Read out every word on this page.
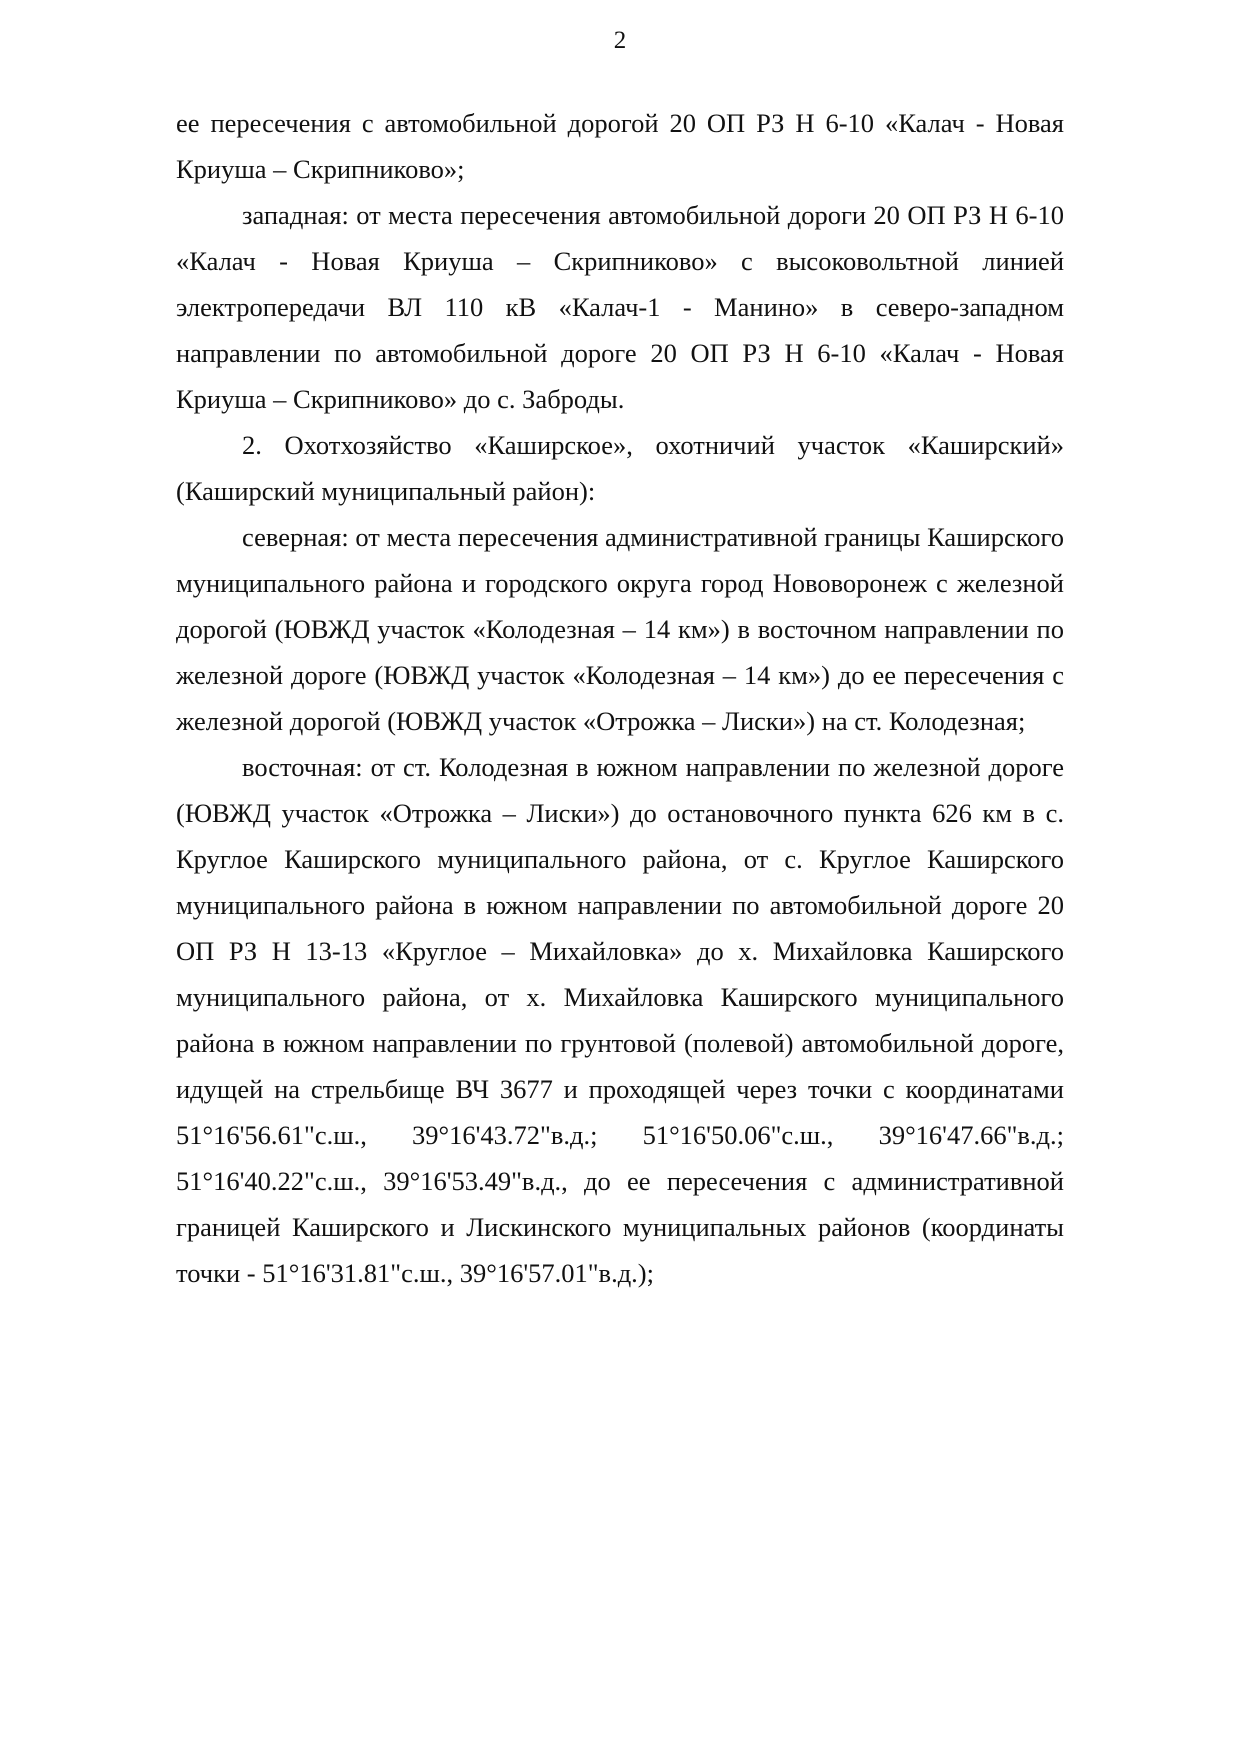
2

ее пересечения с автомобильной дорогой 20 ОП РЗ Н 6-10 «Калач - Новая Криуша – Скрипниково»;

западная: от места пересечения автомобильной дороги 20 ОП РЗ Н 6-10 «Калач - Новая Криуша – Скрипниково» с высоковольтной линией электропередачи ВЛ 110 кВ «Калач-1 - Манино» в северо-западном направлении по автомобильной дороге 20 ОП РЗ Н 6-10 «Калач - Новая Криуша – Скрипниково» до с. Заброды.

2. Охотхозяйство «Каширское», охотничий участок «Каширский» (Каширский муниципальный район):

северная: от места пересечения административной границы Каширского муниципального района и городского округа город Нововоронеж с железной дорогой (ЮВЖД участок «Колодезная – 14 км») в восточном направлении по железной дороге (ЮВЖД участок «Колодезная – 14 км») до ее пересечения с железной дорогой (ЮВЖД участок «Отрожка – Лиски») на ст. Колодезная;

восточная: от ст. Колодезная в южном направлении по железной дороге (ЮВЖД участок «Отрожка – Лиски») до остановочного пункта 626 км в с. Круглое Каширского муниципального района, от с. Круглое Каширского муниципального района в южном направлении по автомобильной дороге 20 ОП РЗ Н 13-13 «Круглое – Михайловка» до х. Михайловка Каширского муниципального района, от х. Михайловка Каширского муниципального района в южном направлении по грунтовой (полевой) автомобильной дороге, идущей на стрельбище ВЧ 3677 и проходящей через точки с координатами 51°16'56.61"с.ш., 39°16'43.72"в.д.; 51°16'50.06"с.ш., 39°16'47.66"в.д.; 51°16'40.22"с.ш., 39°16'53.49"в.д., до ее пересечения с административной границей Каширского и Лискинского муниципальных районов (координаты точки - 51°16'31.81"с.ш., 39°16'57.01"в.д.);
